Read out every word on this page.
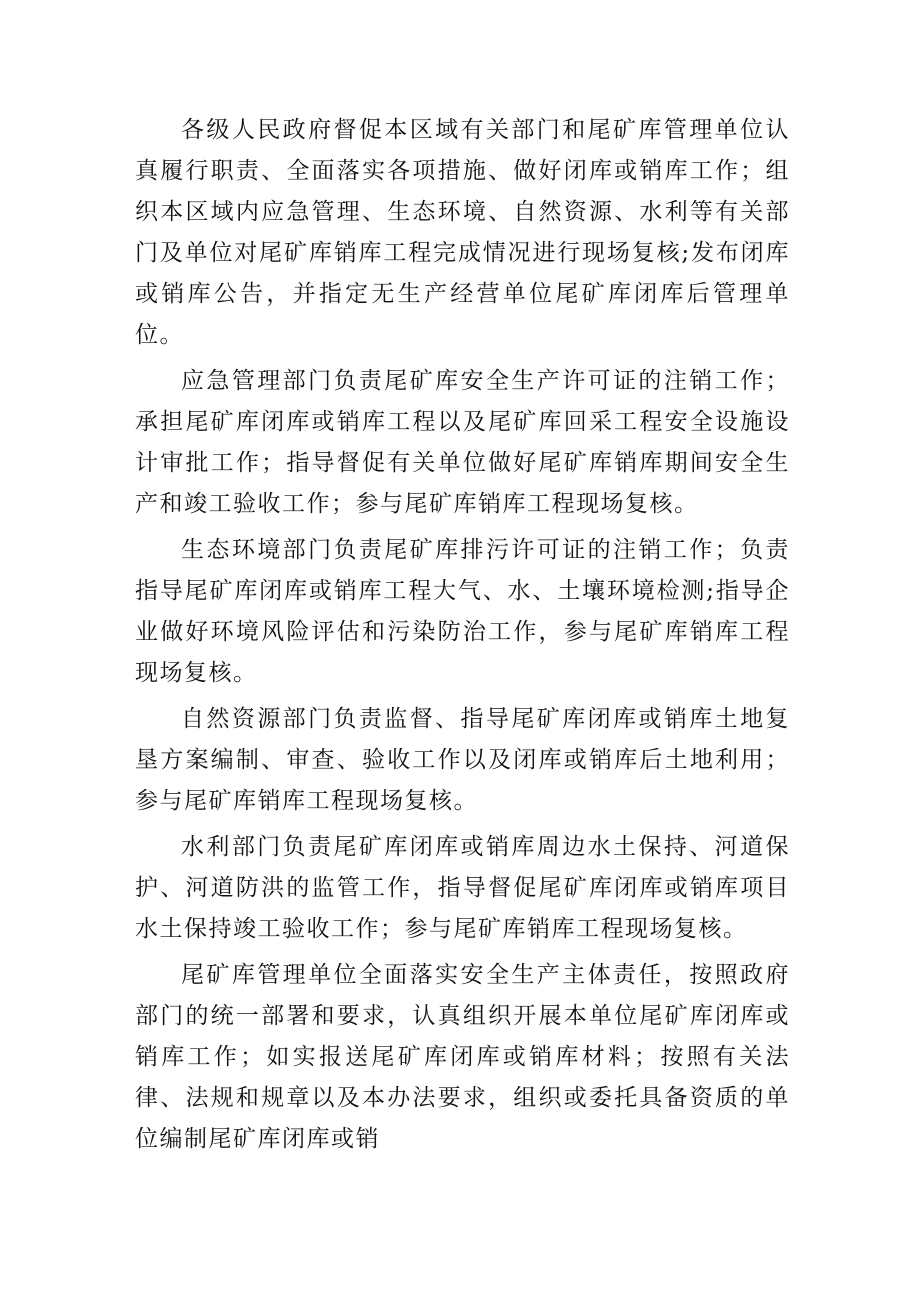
各级人民政府督促本区域有关部门和尾矿库管理单位认真履行职责、全面落实各项措施、做好闭库或销库工作；组织本区域内应急管理、生态环境、自然资源、水利等有关部门及单位对尾矿库销库工程完成情况进行现场复核;发布闭库或销库公告，并指定无生产经营单位尾矿库闭库后管理单位。

应急管理部门负责尾矿库安全生产许可证的注销工作；承担尾矿库闭库或销库工程以及尾矿库回采工程安全设施设计审批工作；指导督促有关单位做好尾矿库销库期间安全生产和竣工验收工作；参与尾矿库销库工程现场复核。

生态环境部门负责尾矿库排污许可证的注销工作；负责指导尾矿库闭库或销库工程大气、水、土壤环境检测;指导企业做好环境风险评估和污染防治工作，参与尾矿库销库工程现场复核。

自然资源部门负责监督、指导尾矿库闭库或销库土地复垦方案编制、审查、验收工作以及闭库或销库后土地利用；参与尾矿库销库工程现场复核。

水利部门负责尾矿库闭库或销库周边水土保持、河道保护、河道防洪的监管工作，指导督促尾矿库闭库或销库项目水土保持竣工验收工作；参与尾矿库销库工程现场复核。

尾矿库管理单位全面落实安全生产主体责任，按照政府部门的统一部署和要求，认真组织开展本单位尾矿库闭库或销库工作；如实报送尾矿库闭库或销库材料；按照有关法律、法规和规章以及本办法要求，组织或委托具备资质的单位编制尾矿库闭库或销
